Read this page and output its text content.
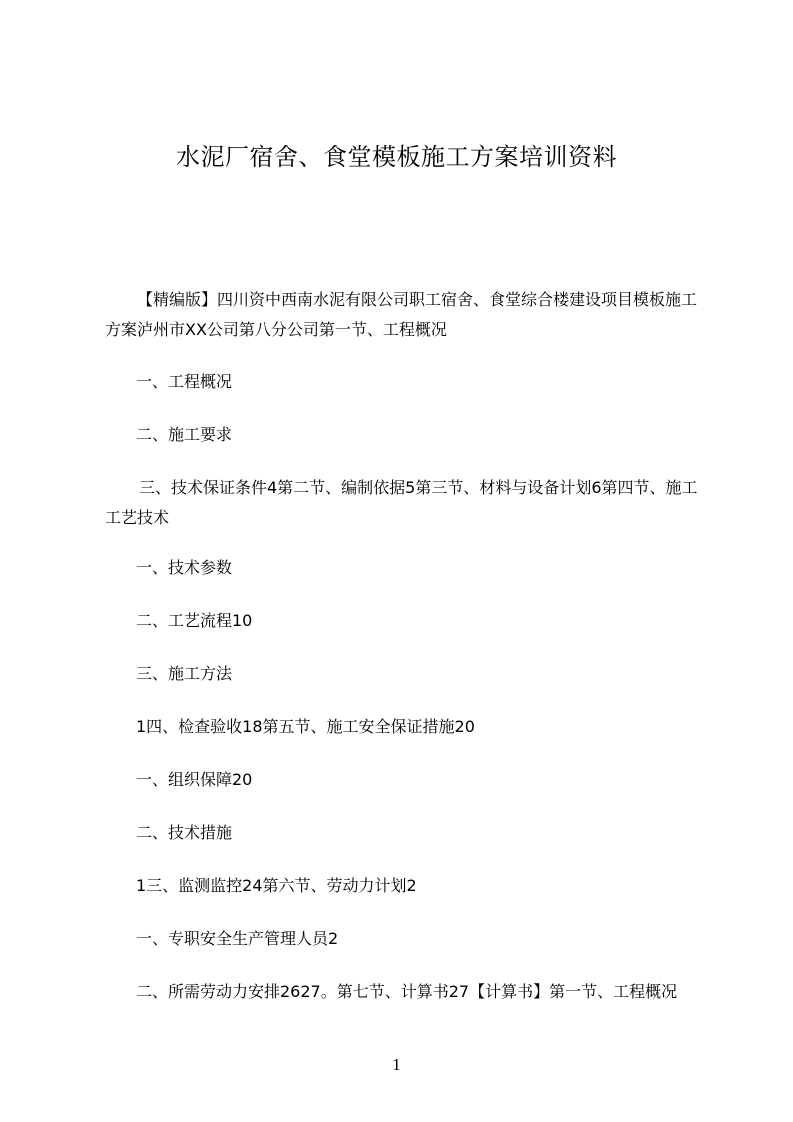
水泥厂宿舍、食堂模板施工方案培训资料
【精编版】四川资中西南水泥有限公司职工宿舍、食堂综合楼建设项目模板施工方案泸州市XX公司第八分公司第一节、工程概况
一、工程概况
二、施工要求
三、技术保证条件4第二节、编制依据5第三节、材料与设备计划6第四节、施工工艺技术
一、技术参数
二、工艺流程10
三、施工方法
1四、检查验收18第五节、施工安全保证措施20
一、组织保障20
二、技术措施
1三、监测监控24第六节、劳动力计划2
一、专职安全生产管理人员2
二、所需劳动力安排2627。第七节、计算书27【计算书】第一节、工程概况
1
